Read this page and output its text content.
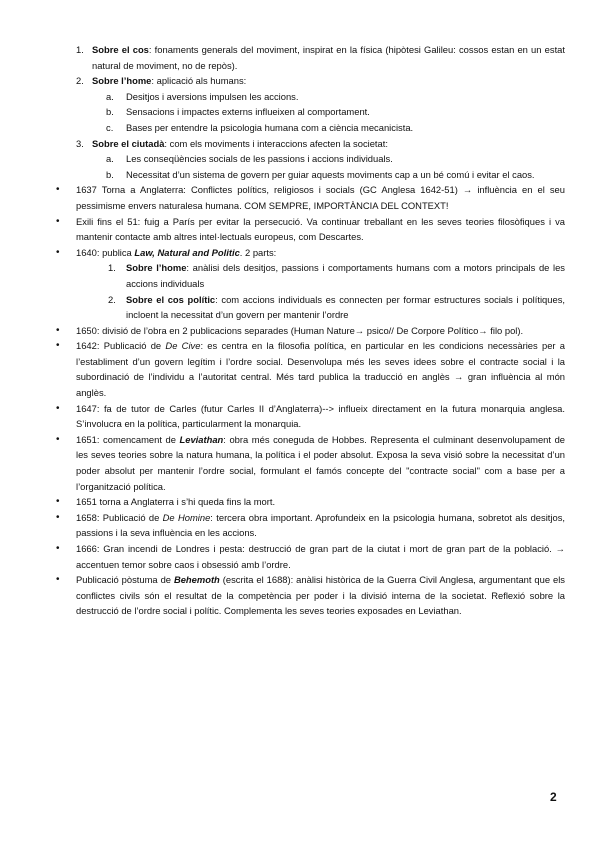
1. Sobre el cos: fonaments generals del moviment, inspirat en la física (hipòtesi Galileu: cossos estan en un estat natural de moviment, no de repòs).
2. Sobre l’home: aplicació als humans:
a. Desitjos i aversions impulsen les accions.
b. Sensacions i impactes externs influeixen al comportament.
c. Bases per entendre la psicologia humana com a ciència mecanicista.
3. Sobre el ciutadà: com els moviments i interaccions afecten la societat:
a. Les conseqüències socials de les passions i accions individuals.
b. Necessitat d’un sistema de govern per guiar aquests moviments cap a un bé comú i evitar el caos.
• 1637 Torna a Anglaterra: Conflictes polítics, religiosos i socials (GC Anglesa 1642-51) → influència en el seu pessimisme envers naturalesa humana. COM SEMPRE, IMPORTÀNCIA DEL CONTEXT!
• Exili fins el 51: fuig a París per evitar la persecució. Va continuar treballant en les seves teories filosòfiques i va mantenir contacte amb altres intel·lectuals europeus, com Descartes.
• 1640: publica Law, Natural and Politic. 2 parts:
1. Sobre l’home: anàlisi dels desitjos, passions i comportaments humans com a motors principals de les accions individuals
2. Sobre el cos polític: com accions individuals es connecten per formar estructures socials i polítiques, incloent la necessitat d’un govern per mantenir l’ordre
• 1650: divisió de l’obra en 2 publicacions separades (Human Nature→ psico// De Corpore Político→ filo pol).
• 1642: Publicació de De Cive: es centra en la filosofia política, en particular en les condicions necessàries per a l’establiment d’un govern legítim i l’ordre social. Desenvolupa més les seves idees sobre el contracte social i la subordinació de l’individu a l’autoritat central. Més tard publica la traducció en anglès → gran influència al món anglès.
• 1647: fa de tutor de Carles (futur Carles II d’Anglaterra)--> influeix directament en la futura monarquia anglesa. S’involucra en la política, particularment la monarquia.
• 1651: comencament de Leviathan: obra més coneguda de Hobbes. Representa el culminant desenvolupament de les seves teories sobre la natura humana, la política i el poder absolut. Exposa la seva visió sobre la necessitat d’un poder absolut per mantenir l’ordre social, formulant el famós concepte del "contracte social" com a base per a l’organització política.
• 1651 torna a Anglaterra i s’hi queda fins la mort.
• 1658: Publicació de De Homine: tercera obra important. Aprofundeix en la psicologia humana, sobretot als desitjos, passions i la seva influència en les accions.
• 1666: Gran incendi de Londres i pesta: destrucció de gran part de la ciutat i mort de gran part de la població. → accentuen temor sobre caos i obsessió amb l’ordre.
• Publicació pòstuma de Behemoth (escrita el 1688): anàlisi històrica de la Guerra Civil Anglesa, argumentant que els conflictes civils són el resultat de la competència per poder i la divisió interna de la societat. Reflexió sobre la destrucció de l’ordre social i polític. Complementa les seves teories exposades en Leviathan.
2
